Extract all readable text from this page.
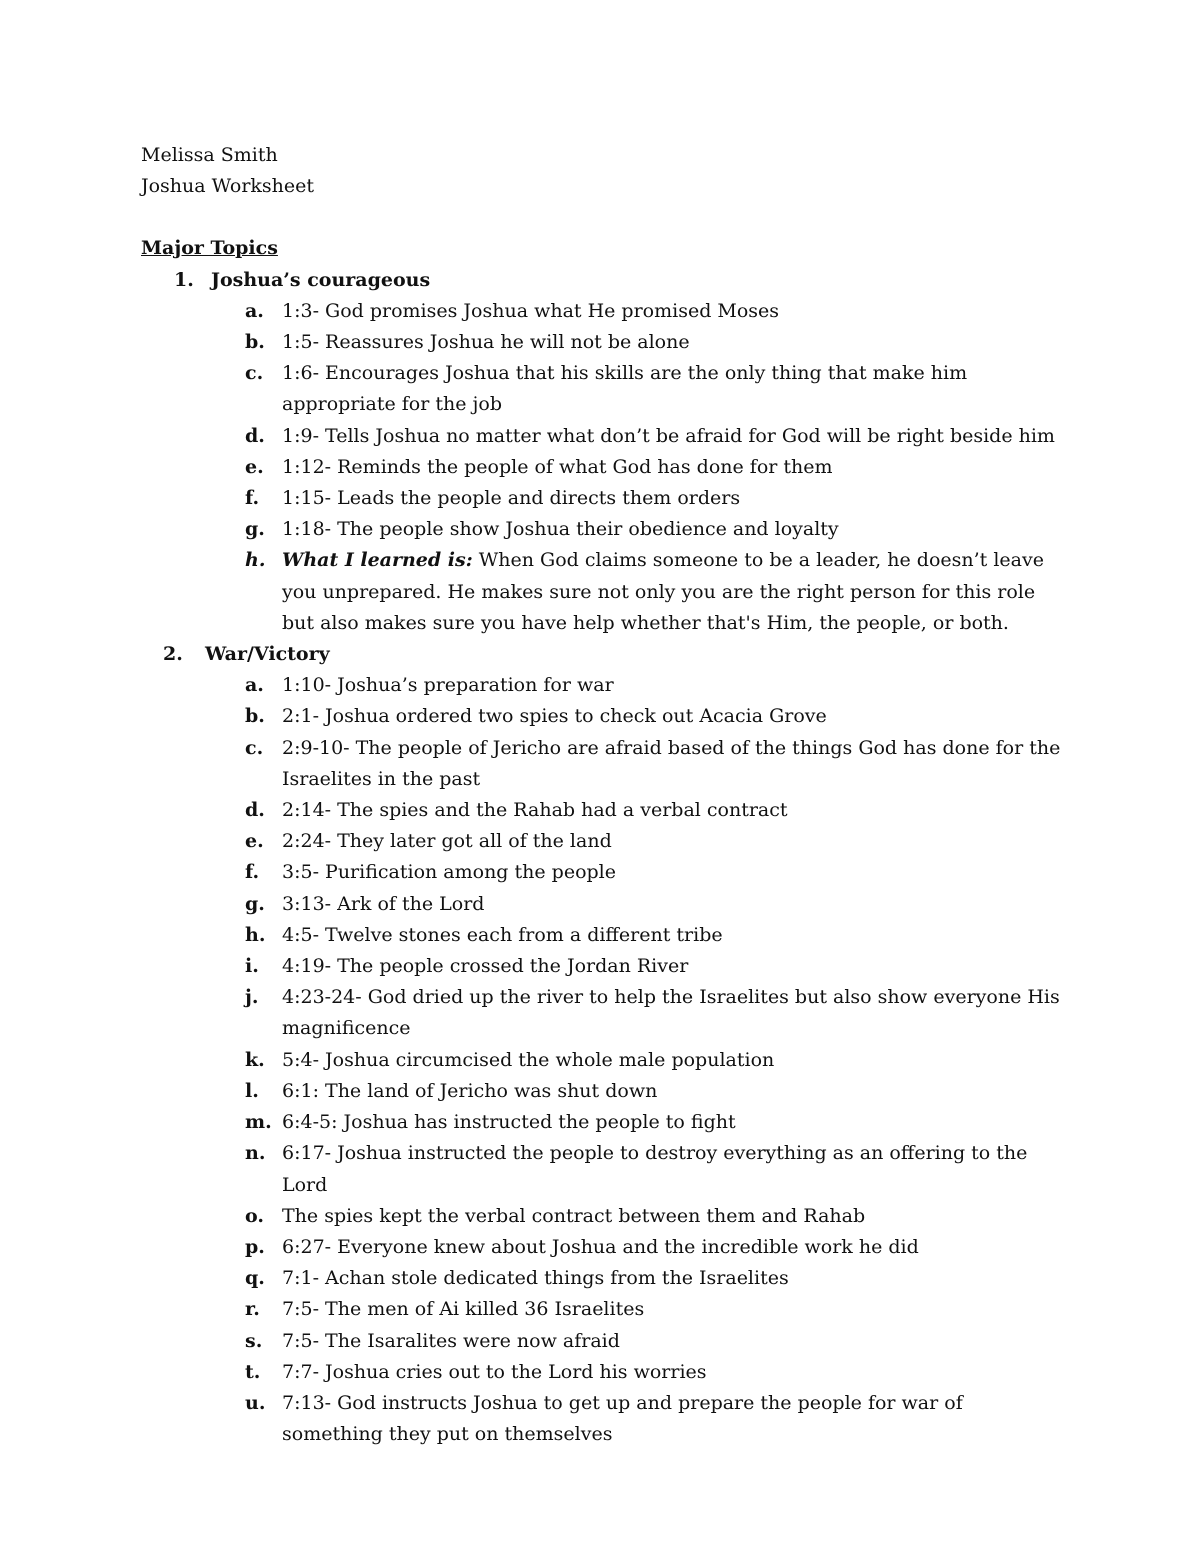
Melissa Smith

Joshua Worksheet

Major Topics

1. Joshua’s courageous

a. 1:3- God promises Joshua what He promised Moses

b. 1:5- Reassures Joshua he will not be alone

c. 1:6- Encourages Joshua that his skills are the only thing that make him appropriate for the job

d. 1:9- Tells Joshua no matter what don’t be afraid for God will be right beside him

e. 1:12- Reminds the people of what God has done for them

f.	1:15- Leads the people and directs them orders

g. 1:18- The people show Joshua their obedience and loyalty

h. What I learned is: When God claims someone to be a leader, he doesn’t leave you unprepared. He makes sure not only you are the right person for this role but also makes sure you have help whether that's Him, the people, or both.

2.	War/Victory

a. 1:10- Joshua’s preparation for war

b. 2:1- Joshua ordered two spies to check out Acacia Grove

c. 2:9-10- The people of Jericho are afraid based of the things God has done for the Israelites in the past

d. 2:14- The spies and the Rahab had a verbal contract

e. 2:24- They later got all of the land

f.	3:5- Purification among the people

g. 3:13- Ark of the Lord

h. 4:5- Twelve stones each from a different tribe

i.	4:19- The people crossed the Jordan River

j.	4:23-24- God dried up the river to help the Israelites but also show everyone His magnificence

k. 5:4- Joshua circumcised the whole male population

l.	6:1: The land of Jericho was shut down

m. 6:4-5: Joshua has instructed the people to fight

n. 6:17- Joshua instructed the people to destroy everything as an offering to the Lord

o. The spies kept the verbal contract between them and Rahab

p. 6:27- Everyone knew about Joshua and the incredible work he did

q. 7:1- Achan stole dedicated things from the Israelites

r.	7:5- The men of Ai killed 36 Israelites

s.	7:5- The Isaralites were now afraid

t.	7:7- Joshua cries out to the Lord his worries

u. 7:13- God instructs Joshua to get up and prepare the people for war of something they put on themselves
